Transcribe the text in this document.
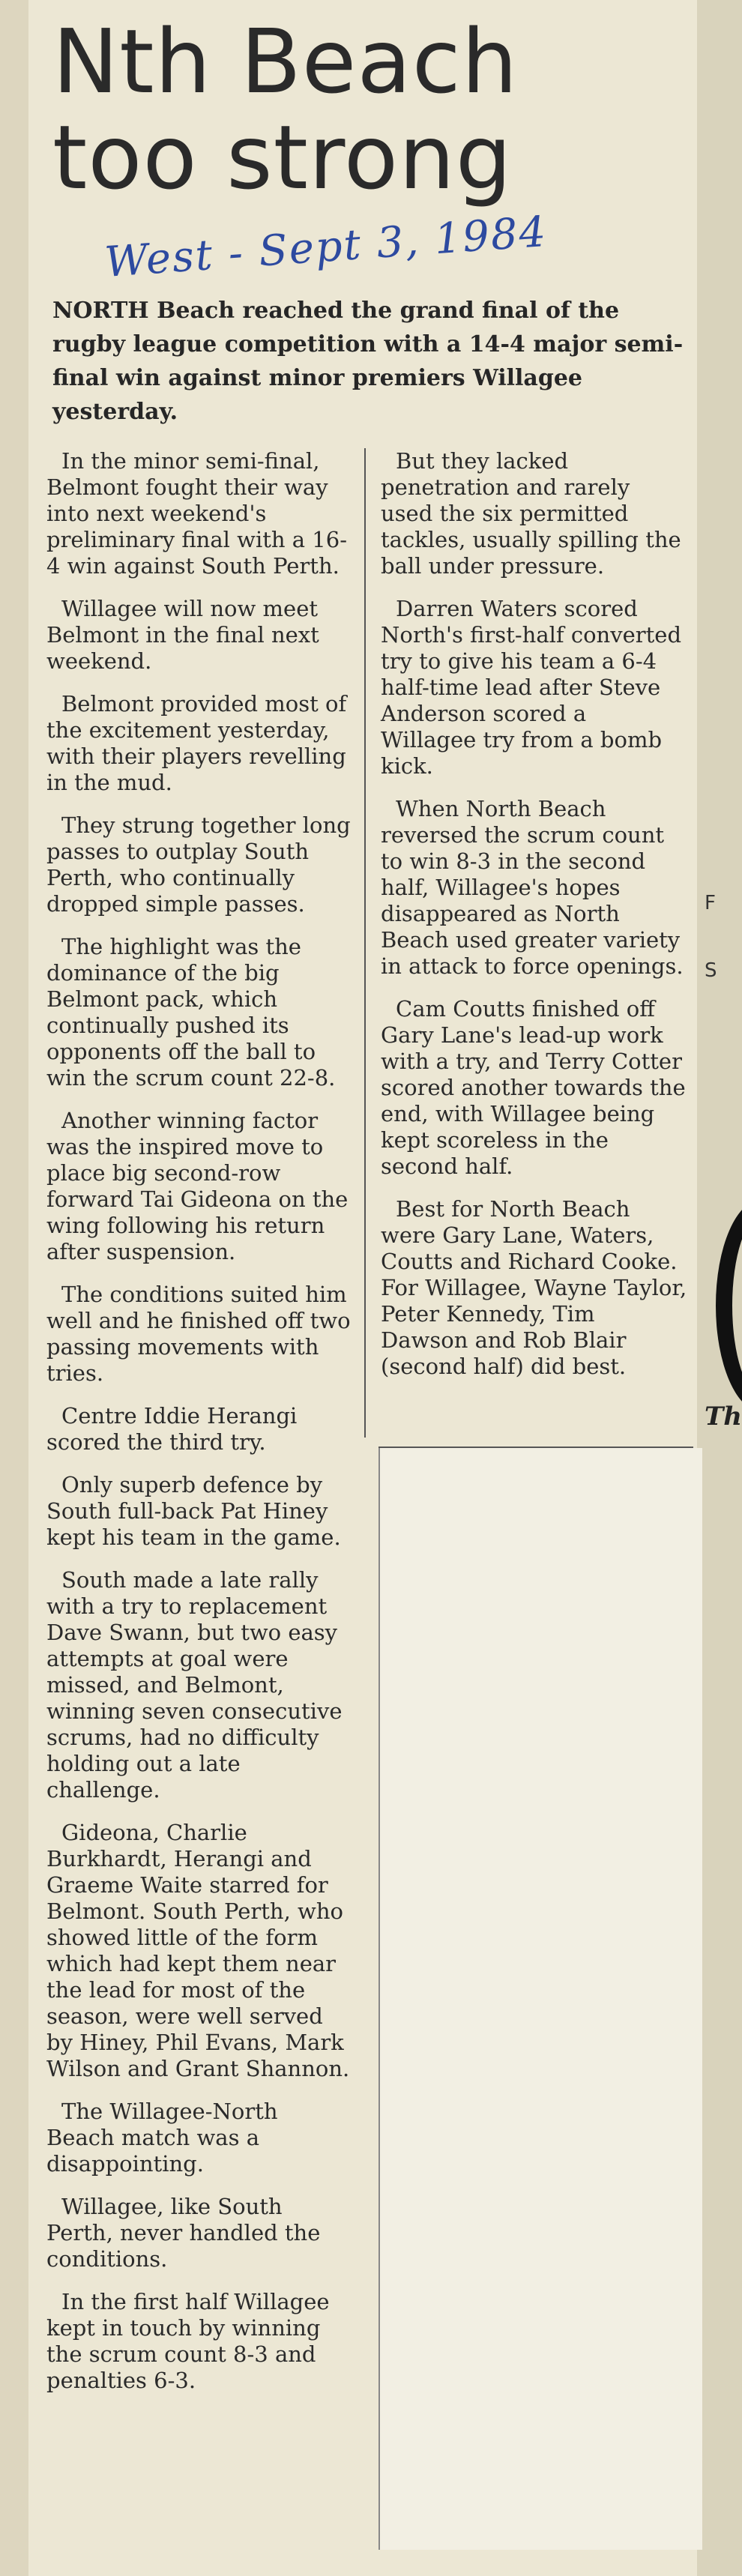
Nth Beach
too strong
West - Sept 3, 1984

NORTH Beach reached the grand final of the rugby league competition with a 14-4 major semi-final win against minor premiers Willagee yesterday.

In the minor semi-final, Belmont fought their way into next weekend's preliminary final with a 16-4 win against South Perth.

Willagee will now meet Belmont in the final next weekend.

Belmont provided most of the excitement yesterday, with their players revelling in the mud.

They strung together long passes to outplay South Perth, who continually dropped simple passes.

The highlight was the dominance of the big Belmont pack, which continually pushed its opponents off the ball to win the scrum count 22-8.

Another winning factor was the inspired move to place big second-row forward Tai Gideona on the wing following his return after suspension.

The conditions suited him well and he finished off two passing movements with tries.

Centre Iddie Herangi scored the third try.

Only superb defence by South full-back Pat Hiney kept his team in the game.

South made a late rally with a try to replacement Dave Swann, but two easy attempts at goal were missed, and Belmont, winning seven consecutive scrums, had no difficulty holding out a late challenge.

Gideona, Charlie Burkhardt, Herangi and Graeme Waite starred for Belmont. South Perth, who showed little of the form which had kept them near the lead for most of the season, were well served by Hiney, Phil Evans, Mark Wilson and Grant Shannon.

The Willagee-North Beach match was a disappointing.

Willagee, like South Perth, never handled the conditions.

In the first half Willagee kept in touch by winning the scrum count 8-3 and penalties 6-3.

But they lacked penetration and rarely used the six permitted tackles, usually spilling the ball under pressure.

Darren Waters scored North's first-half converted try to give his team a 6-4 half-time lead after Steve Anderson scored a Willagee try from a bomb kick.

When North Beach reversed the scrum count to win 8-3 in the second half, Willagee's hopes disappeared as North Beach used greater variety in attack to force openings.

Cam Coutts finished off Gary Lane's lead-up work with a try, and Terry Cotter scored another towards the end, with Willagee being kept scoreless in the second half.

Best for North Beach were Gary Lane, Waters, Coutts and Richard Cooke. For Willagee, Wayne Taylor, Peter Kennedy, Tim Dawson and Rob Blair (second half) did best.

F
S
Th
